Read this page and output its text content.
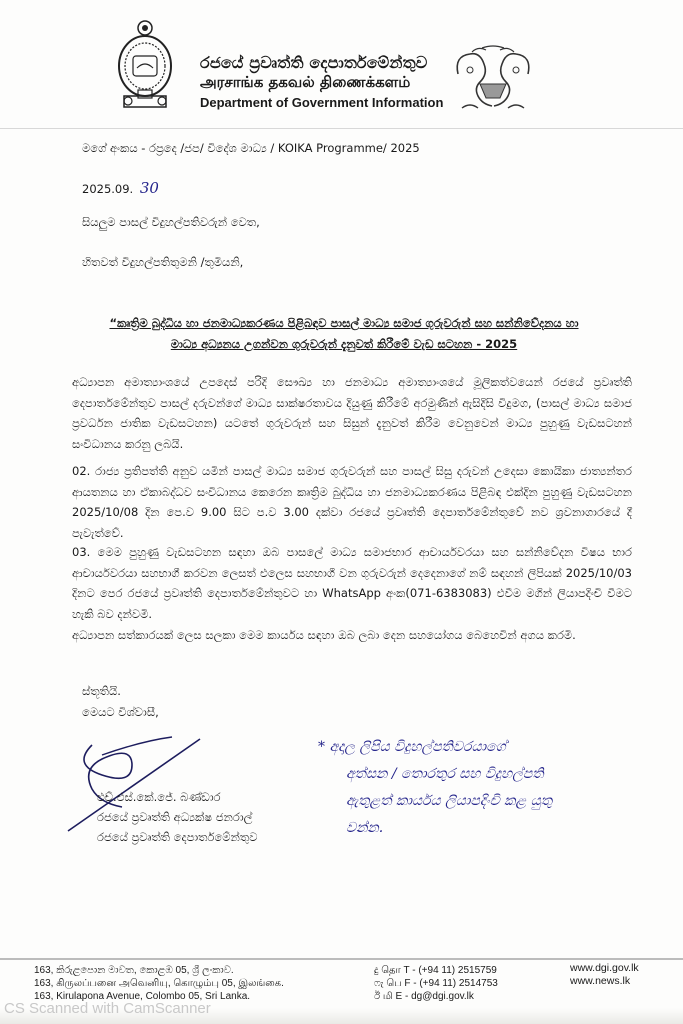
රජයේ ප්‍රවෘත්ති දෙපාර්තමේන්තුව
அரசாங்க தகவல் திணைக்களம்
Department of Government Information
මගේ අංකය - රප්‍රදෙ /ජප/ විදේශ මාධ්‍ය / KOIKA Programme/ 2025
2025.09. 30
සියලුම පාසල් විදුහල්පතිවරුන් වෙත,
හිතවත් විදුහල්පතිතුමනි /තුමියනි,
“කෘත්‍රිම බුද්ධිය හා ජනමාධ්‍යකරණය පිළිබඳව පාසල් මාධ්‍ය සමාජ ගුරුවරුන් සහ සන්නිවේදනය හා
මාධ්‍ය අධ්‍යනය උගන්වන ගුරුවරුන් දැනුවත් කිරීමේ වැඩ සටහන - 2025
අධ්‍යාපන අමාත්‍යාංශයේ උපදෙස් පරිදි සෞඛ්‍ය හා ජනමාධ්‍ය අමාත්‍යාංශයේ මූලිකත්වයෙන් රජයේ ප්‍රවෘත්ති දෙපාර්තමේන්තුව පාසල් දරුවන්ගේ මාධ්‍ය සාක්ෂරතාවය දියුණු කිරීමේ අරමුණින් ඇසිදිසි විදුමග, (පාසල් මාධ්‍ය සමාජ ප්‍රවර්ධන ජාතික වැඩසටහන) යටතේ ගුරුවරුන් සහ සිසුන් දැනුවත් කිරීම වෙනුවෙන් මාධ්‍ය පුහුණු වැඩසටහන් සංවිධානය කරනු ලබයි.
02. රාජ්‍ය ප්‍රතිපත්ති අනුව යමින් පාසල් මාධ්‍ය සමාජ ගුරුවරුන් සහ පාසල් සිසු දරුවන් උදෙසා කොයිකා ජාත්‍යන්තර ආයතනය හා ඒකාබද්ධව සංවිධානය කෙරෙන කෘත්‍රිම බුද්ධිය හා ජනමාධ්‍යකරණය පිළිබඳ එක්දින පුහුණු වැඩසටහන 2025/10/08 දින පෙ.ව 9.00 සිට ප.ව 3.00 දක්වා රජයේ ප්‍රවෘත්ති දෙපාර්තමේන්තුවේ නව ශ්‍රවනාගාරයේ දී පැවැත්වේ.
03. මෙම පුහුණු වැඩසටහන සඳහා ඔබ පාසලේ මාධ්‍ය සමාජභාර ආචාර්යවරයා සහ සන්නිවේදන විෂය භාර ආචාර්යවරයා සහභාගී කරවන ලෙසත් එලෙස සහභාගී වන ගුරුවරුන් දෙදෙනාගේ නම් සඳහන් ලිපියක් 2025/10/03 දිනට පෙර රජයේ ප්‍රවෘත්ති දෙපාර්තමේන්තුවට හා WhatsApp අංක(071-6383083) එවීම මගින් ලියාපදිංචි වීමට හැකි බව දන්වමි.
අධ්‍යාපන සත්කාරයක් ලෙස සලකා මෙම කාර්යය සඳහා ඔබ ලබා දෙන සහයෝගය බෙහෙවින් අගය කරමි.
ස්තූතියි.
මෙයට විශ්වාසී,
එච්.එස්.කේ.ජේ. බණ්ඩාර
රජයේ ප්‍රවෘත්ති අධ්‍යක්ෂ ජනරාල්
රජයේ ප්‍රවෘත්ති දෙපාර්තමේන්තුව
* අදාල ලිපිය විදුහල්පතිවරයාගේ
අත්සන / තොරතුර සහ විදුහල්පති
ඇතුළත් කාර්යය ලියාපදිංචි කළ යුතු
වන්න.
163, කිරුළපොන මාවත, කොළඹ 05, ශ්‍රී ලංකාව.
163, கிருலப்பனை அவெனியு, கொழும்பு 05, இலங்கை.
163, Kirulapona Avenue, Colombo 05, Sri Lanka.
දු தொ T - (+94 11) 2515759
ෆැ பெ F - (+94 11) 2514753
ඊ மி E - dg@dgi.gov.lk
www.dgi.gov.lk
www.news.lk
CS Scanned with CamScanner
